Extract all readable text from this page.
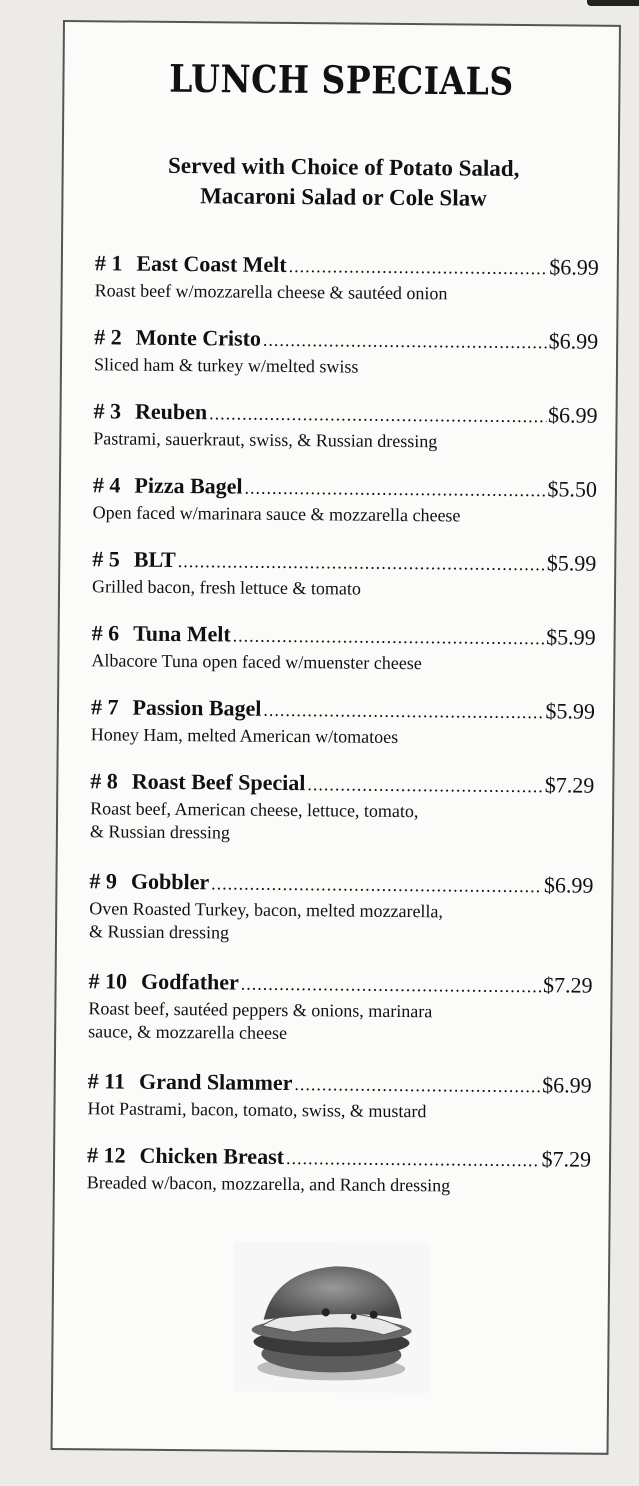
LUNCH SPECIALS
Served with Choice of Potato Salad,
Macaroni Salad or Cole Slaw
# 1 East Coast Melt .....	$6.99
Roast beef w/mozzarella cheese & sautéed onion
# 2 Monte Cristo .....	$6.99
Sliced ham & turkey w/melted swiss
# 3 Reuben .....	$6.99
Pastrami, sauerkraut, swiss, & Russian dressing
# 4 Pizza Bagel .....	$5.50
Open faced w/marinara sauce & mozzarella cheese
# 5 BLT .....	$5.99
Grilled bacon, fresh lettuce & tomato
# 6 Tuna Melt .....	$5.99
Albacore Tuna open faced w/muenster cheese
# 7 Passion Bagel .....	$5.99
Honey Ham, melted American w/tomatoes
# 8 Roast Beef Special .....	$7.29
Roast beef, American cheese, lettuce, tomato,
& Russian dressing
# 9 Gobbler .....	$6.99
Oven Roasted Turkey, bacon, melted mozzarella,
& Russian dressing
# 10 Godfather .....	$7.29
Roast beef, sautéed peppers & onions, marinara
sauce, & mozzarella cheese
# 11 Grand Slammer .....	$6.99
Hot Pastrami, bacon, tomato, swiss, & mustard
# 12 Chicken Breast .....	$7.29
Breaded w/bacon, mozzarella, and Ranch dressing
